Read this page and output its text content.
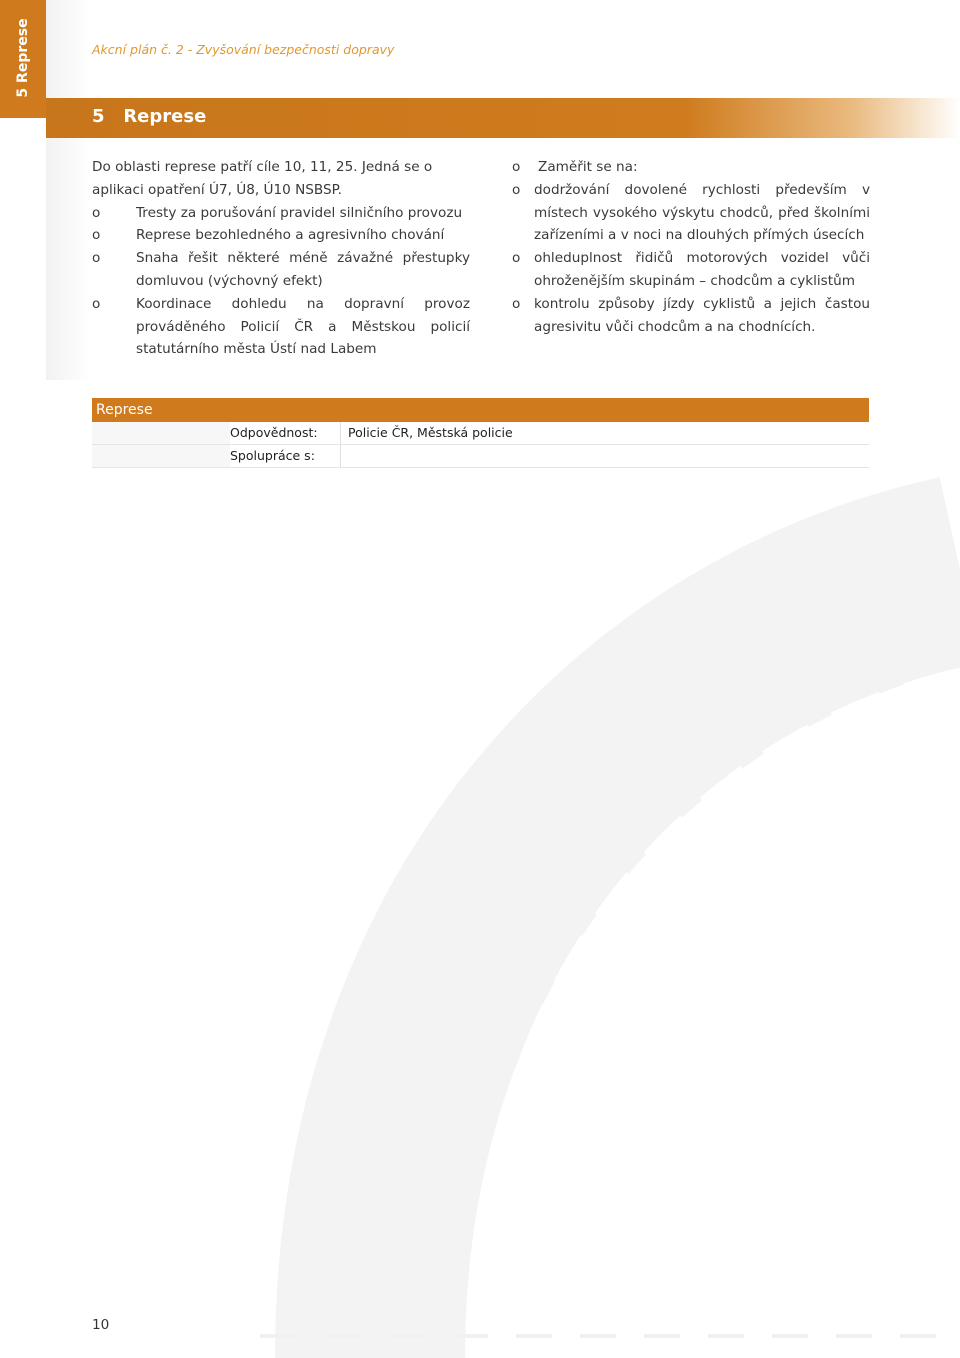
5 Represe	Akcní plán č. 2 - Zvyšování bezpečnosti dopravy
5   Represe

Do oblasti represe patří cíle 10, 11, 25. Jedná se o aplikaci opatření Ú7, Ú8, Ú10 NSBSP.

o	Tresty za porušování pravidel silničního provozu
o	Represe bezohledného a agresivního chování
o	Snaha řešit některé méně závažné přestupky domluvou (výchovný efekt)
o	Koordinace dohledu na dopravní provoz prováděného Policií ČR a Městskou policií statutárního města Ústí nad Labem
o Zaměřit se na:
o dodržování dovolené rychlosti především v místech vysokého výskytu chodců, před školními zařízeními a v noci na dlouhých přímých úsecích
o ohleduplnost řidičů motorových vozidel vůči ohroženějším skupinám – chodcům a cyklistům
o kontrolu způsoby jízdy cyklistů a jejich častou agresivitu vůči chodcům a na chodnících.
Represe
Odpovědnost:	Policie ČR, Městská policie
Spolupráce s:
10
